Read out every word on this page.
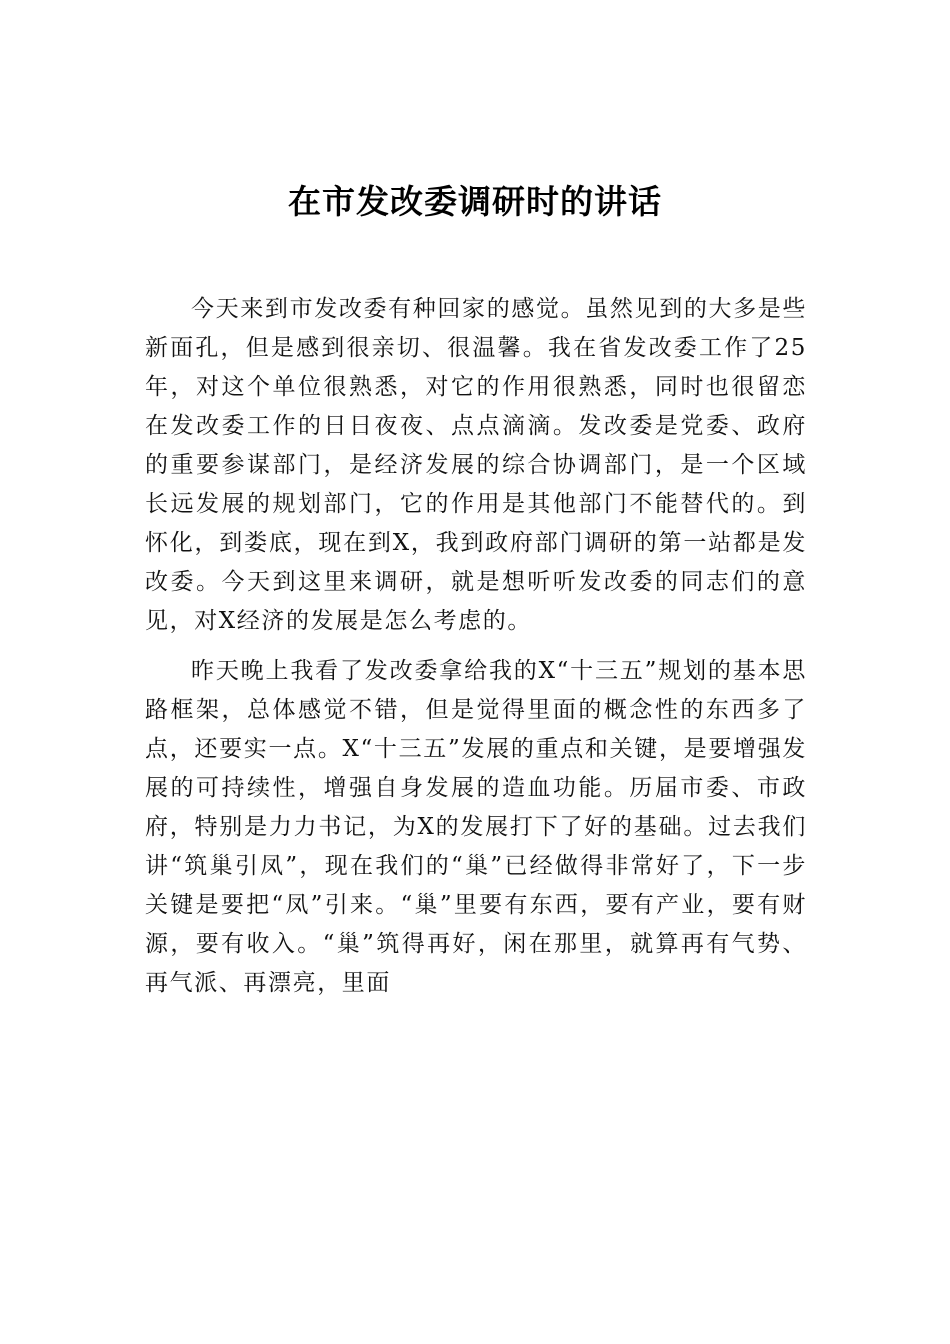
在市发改委调研时的讲话

今天来到市发改委有种回家的感觉。虽然见到的大多是些新面孔，但是感到很亲切、很温馨。我在省发改委工作了25年，对这个单位很熟悉，对它的作用很熟悉，同时也很留恋在发改委工作的日日夜夜、点点滴滴。发改委是党委、政府的重要参谋部门，是经济发展的综合协调部门，是一个区域长远发展的规划部门，它的作用是其他部门不能替代的。到怀化，到娄底，现在到X，我到政府部门调研的第一站都是发改委。今天到这里来调研，就是想听听发改委的同志们的意见，对X经济的发展是怎么考虑的。

昨天晚上我看了发改委拿给我的X“十三五”规划的基本思路框架，总体感觉不错，但是觉得里面的概念性的东西多了点，还要实一点。X“十三五”发展的重点和关键，是要增强发展的可持续性，增强自身发展的造血功能。历届市委、市政府，特别是力力书记，为X的发展打下了好的基础。过去我们讲“筑巢引凤”，现在我们的“巢”已经做得非常好了，下一步关键是要把“凤”引来。“巢”里要有东西，要有产业，要有财源，要有收入。“巢”筑得再好，闲在那里，就算再有气势、再气派、再漂亮，里面
